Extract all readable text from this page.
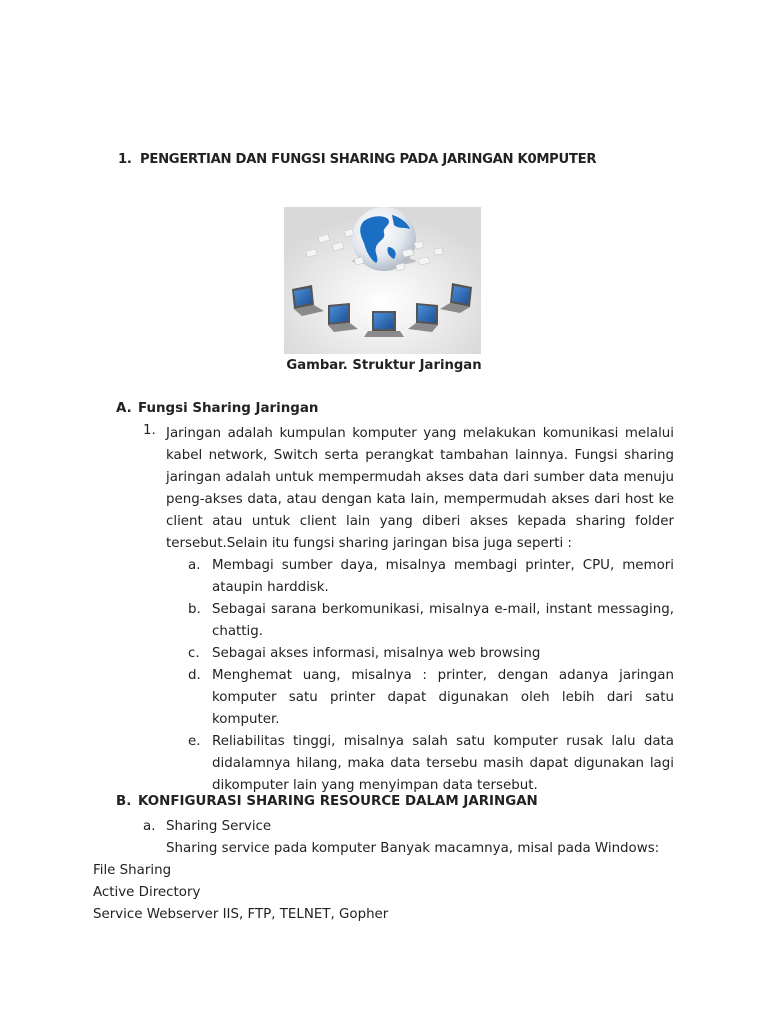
1. PENGERTIAN DAN FUNGSI SHARING PADA JARINGAN K0MPUTER
Gambar. Struktur Jaringan
A. Fungsi Sharing Jaringan
1. Jaringan adalah kumpulan komputer yang melakukan komunikasi melalui kabel network, Switch serta perangkat tambahan lainnya. Fungsi sharing jaringan adalah untuk mempermudah akses data dari sumber data menuju peng-akses data, atau dengan kata lain, mempermudah akses dari host ke client atau untuk client lain yang diberi akses kepada sharing folder tersebut.Selain itu fungsi sharing jaringan bisa juga seperti :
a. Membagi sumber daya, misalnya membagi printer, CPU, memori ataupin harddisk.
b. Sebagai sarana berkomunikasi, misalnya e-mail, instant messaging, chattig.
c. Sebagai akses informasi, misalnya web browsing
d. Menghemat uang, misalnya : printer, dengan adanya jaringan komputer satu printer dapat digunakan oleh lebih dari satu komputer.
e. Reliabilitas tinggi, misalnya salah satu komputer rusak lalu data didalamnya hilang, maka data tersebu masih dapat digunakan lagi dikomputer lain yang menyimpan data tersebut.
B. KONFIGURASI SHARING RESOURCE DALAM JARINGAN
a. Sharing Service
Sharing service pada komputer Banyak macamnya, misal pada Windows:
File Sharing
Active Directory
Service Webserver IIS, FTP, TELNET, Gopher
